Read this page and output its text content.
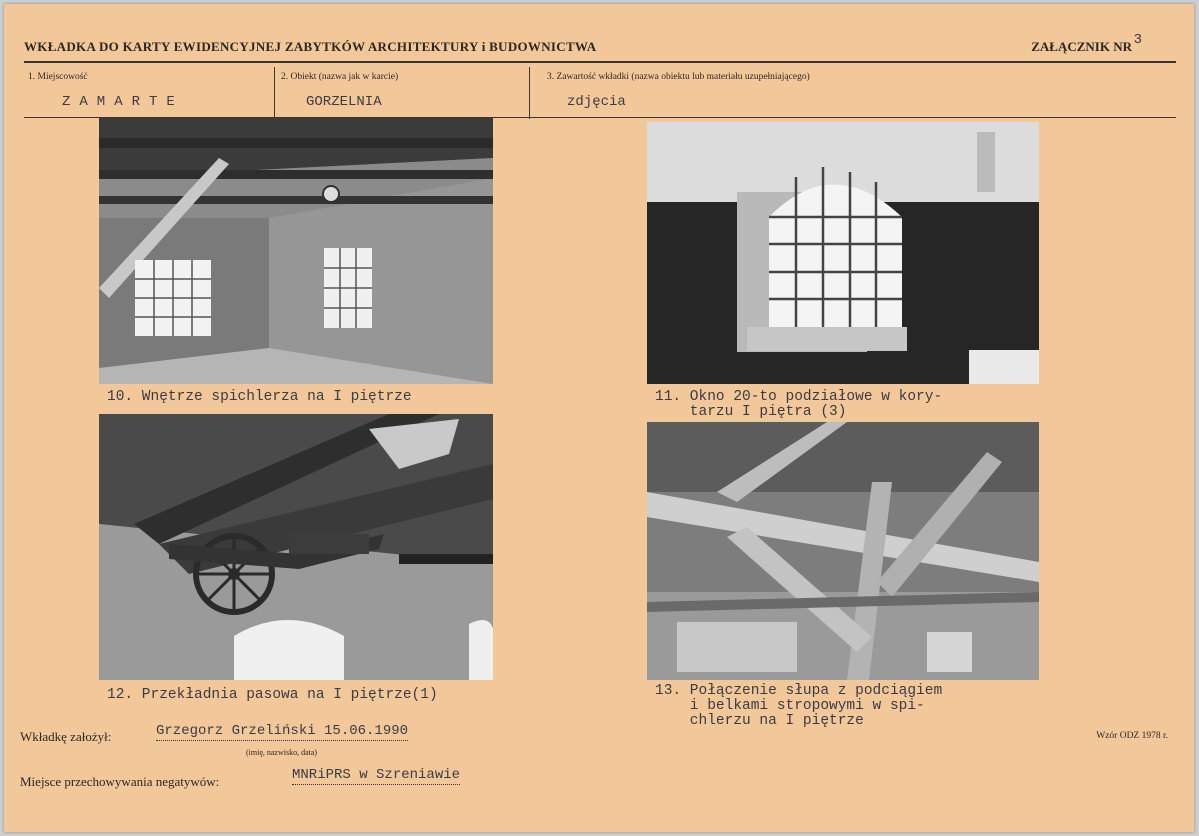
WKŁADKA DO KARTY EWIDENCYJNEJ ZABYTKÓW ARCHITEKTURY i BUDOWNICTWA	ZAŁĄCZNIK NR 3
1. Miejscowość
ZAMARTE
2. Obiekt (nazwa jak w karcie)
GORZELNIA
3. Zawartość wkładki (nazwa obiektu lub materiału uzupełniającego)
zdjęcia
10. Wnętrze spichlerza na I piętrze	11. Okno 20-to podziałowe w kory-
tarzu I piętra (3)
12. Przekładnia pasowa na I piętrze(1)	13. Połączenie słupa z podciągiem
i belkami stropowymi w spi-
chlerzu na I piętrze
Wkładkę założył:	Grzegorz Grzeliński 15.06.1990
(imię, nazwisko, data)
Miejsce przechowywania negatywów:	MNRiPRS w Szreniawie
Wzór ODZ 1978 r.
